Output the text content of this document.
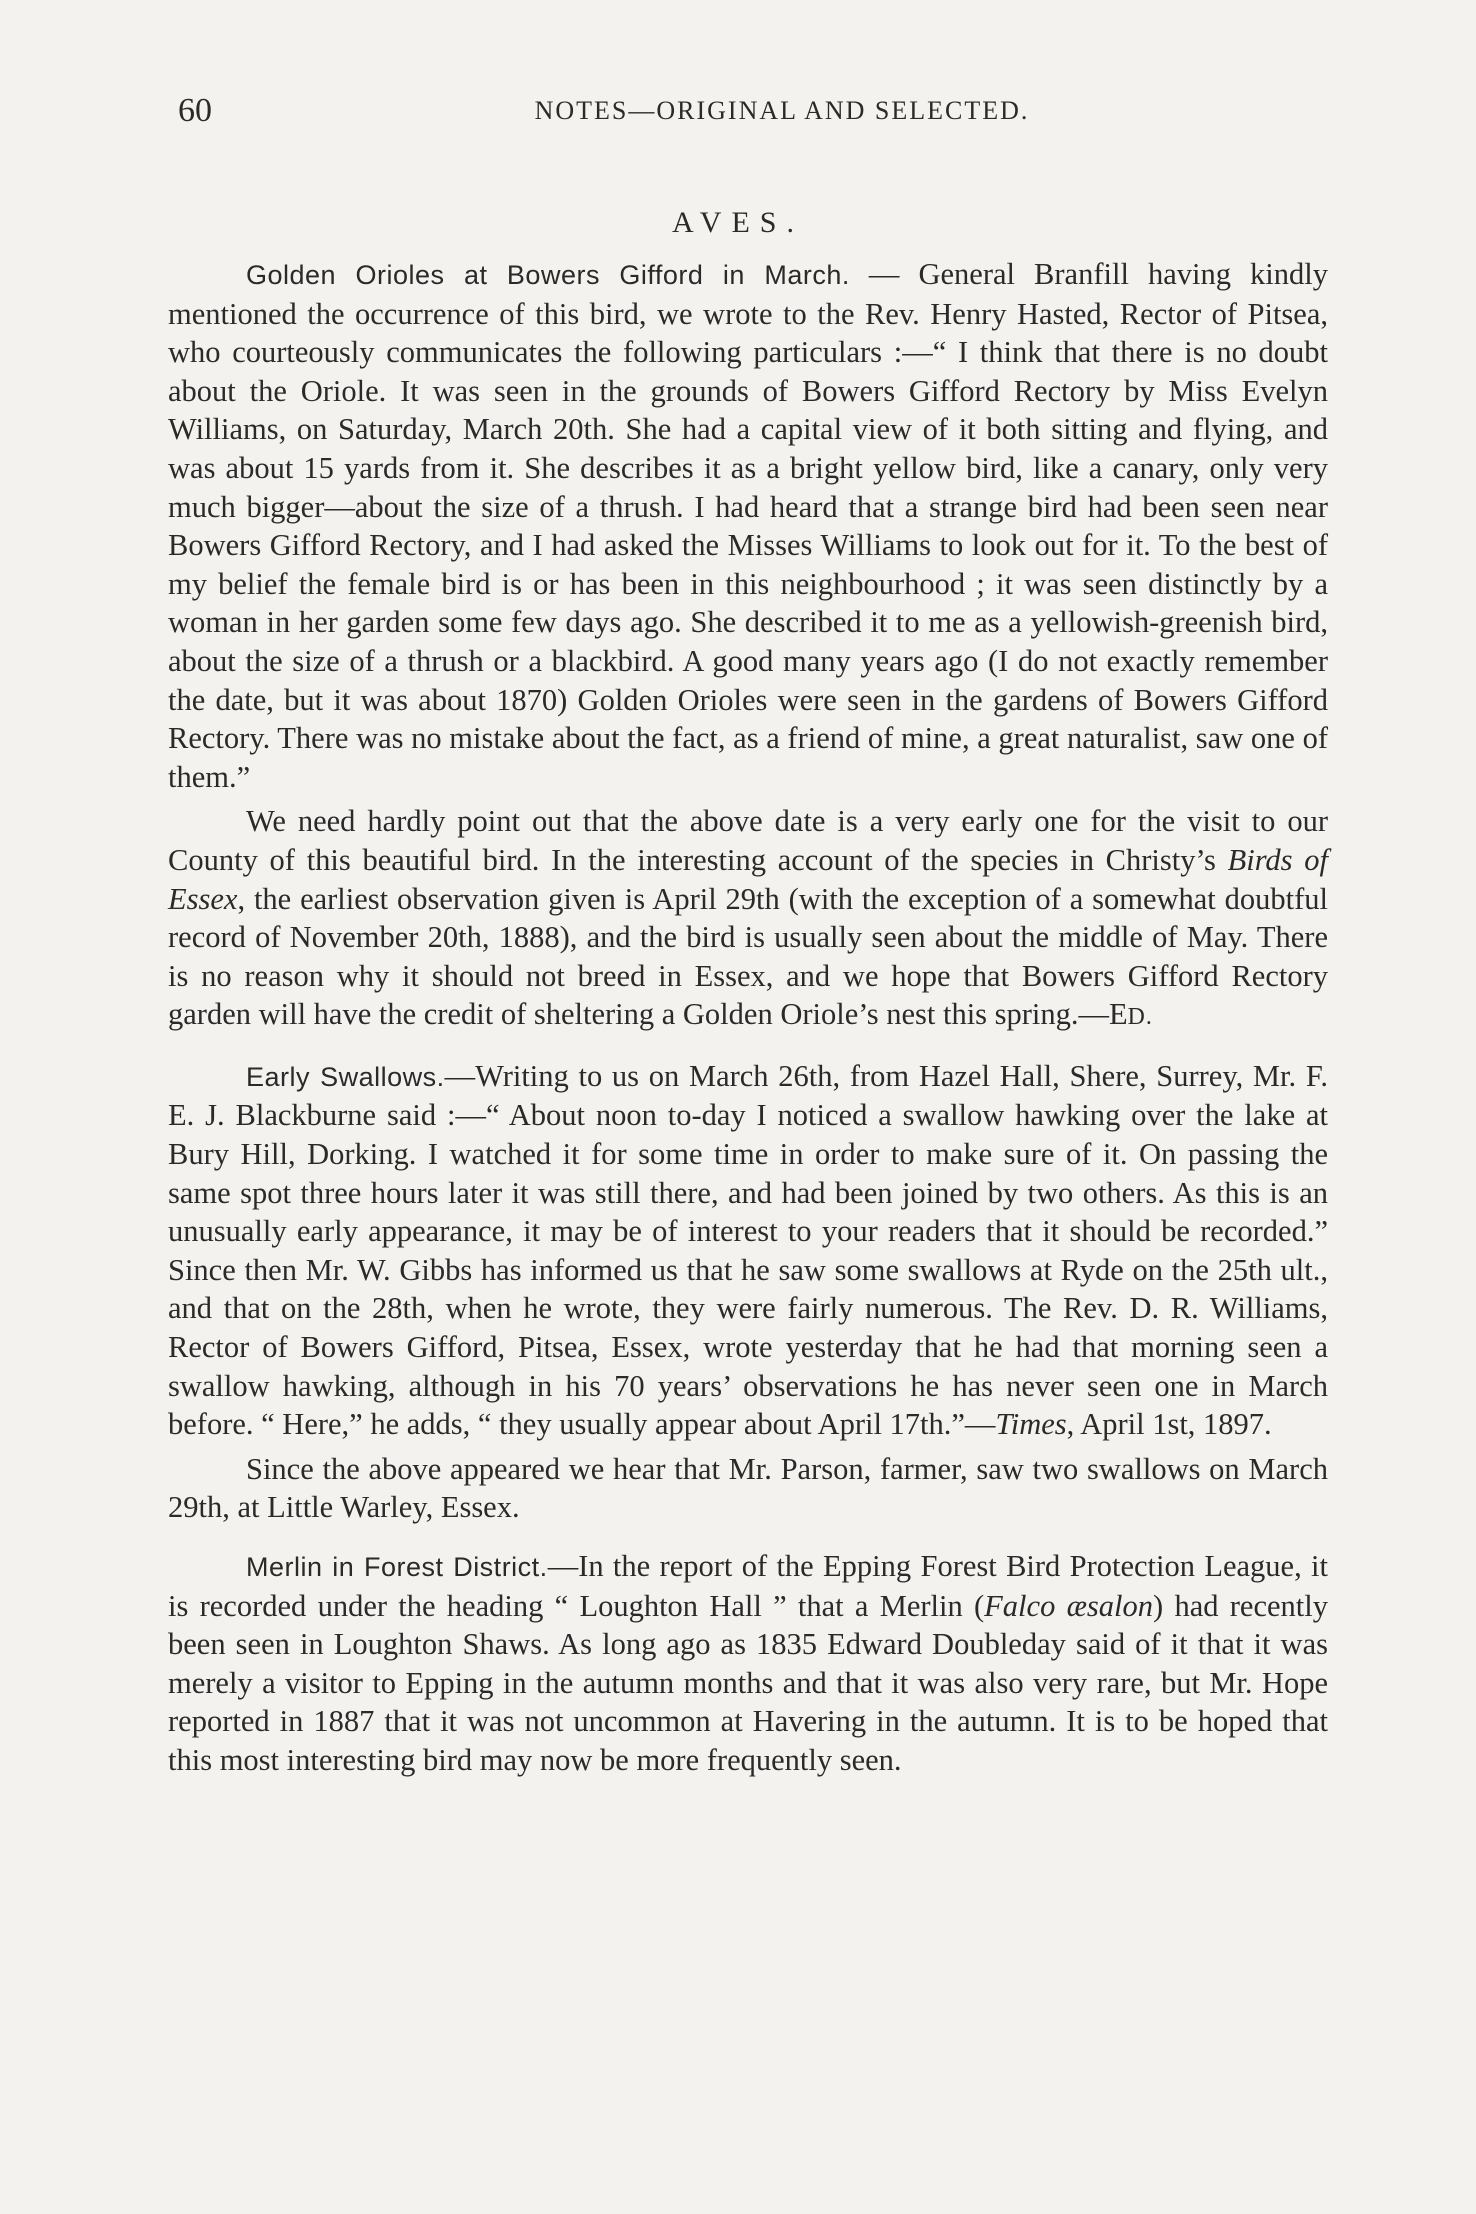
60	NOTES—ORIGINAL AND SELECTED.
AVES.

Golden Orioles at Bowers Gifford in March. — General Branfill having kindly mentioned the occurrence of this bird, we wrote to the Rev. Henry Hasted, Rector of Pitsea, who courteously communicates the following particulars :—“ I think that there is no doubt about the Oriole. It was seen in the grounds of Bowers Gifford Rectory by Miss Evelyn Williams, on Saturday, March 20th. She had a capital view of it both sitting and flying, and was about 15 yards from it. She describes it as a bright yellow bird, like a canary, only very much bigger—about the size of a thrush. I had heard that a strange bird had been seen near Bowers Gifford Rectory, and I had asked the Misses Williams to look out for it. To the best of my belief the female bird is or has been in this neighbourhood ; it was seen distinctly by a woman in her garden some few days ago. She described it to me as a yellowish-greenish bird, about the size of a thrush or a blackbird. A good many years ago (I do not exactly remember the date, but it was about 1870) Golden Orioles were seen in the gardens of Bowers Gifford Rectory. There was no mistake about the fact, as a friend of mine, a great naturalist, saw one of them.”

We need hardly point out that the above date is a very early one for the visit to our County of this beautiful bird. In the interesting account of the species in Christy’s Birds of Essex, the earliest observation given is April 29th (with the exception of a somewhat doubtful record of November 20th, 1888), and the bird is usually seen about the middle of May. There is no reason why it should not breed in Essex, and we hope that Bowers Gifford Rectory garden will have the credit of sheltering a Golden Oriole’s nest this spring.—ED.

Early Swallows.—Writing to us on March 26th, from Hazel Hall, Shere, Surrey, Mr. F. E. J. Blackburne said :—“ About noon to-day I noticed a swallow hawking over the lake at Bury Hill, Dorking. I watched it for some time in order to make sure of it. On passing the same spot three hours later it was still there, and had been joined by two others. As this is an unusually early appearance, it may be of interest to your readers that it should be recorded.” Since then Mr. W. Gibbs has informed us that he saw some swallows at Ryde on the 25th ult., and that on the 28th, when he wrote, they were fairly numerous. The Rev. D. R. Williams, Rector of Bowers Gifford, Pitsea, Essex, wrote yesterday that he had that morning seen a swallow hawking, although in his 70 years’ observations he has never seen one in March before. “ Here,” he adds, “ they usually appear about April 17th.”—Times, April 1st, 1897.

Since the above appeared we hear that Mr. Parson, farmer, saw two swallows on March 29th, at Little Warley, Essex.

Merlin in Forest District.—In the report of the Epping Forest Bird Protection League, it is recorded under the heading “ Loughton Hall ” that a Merlin (Falco æsalon) had recently been seen in Loughton Shaws. As long ago as 1835 Edward Doubleday said of it that it was merely a visitor to Epping in the autumn months and that it was also very rare, but Mr. Hope reported in 1887 that it was not uncommon at Havering in the autumn. It is to be hoped that this most interesting bird may now be more frequently seen.
